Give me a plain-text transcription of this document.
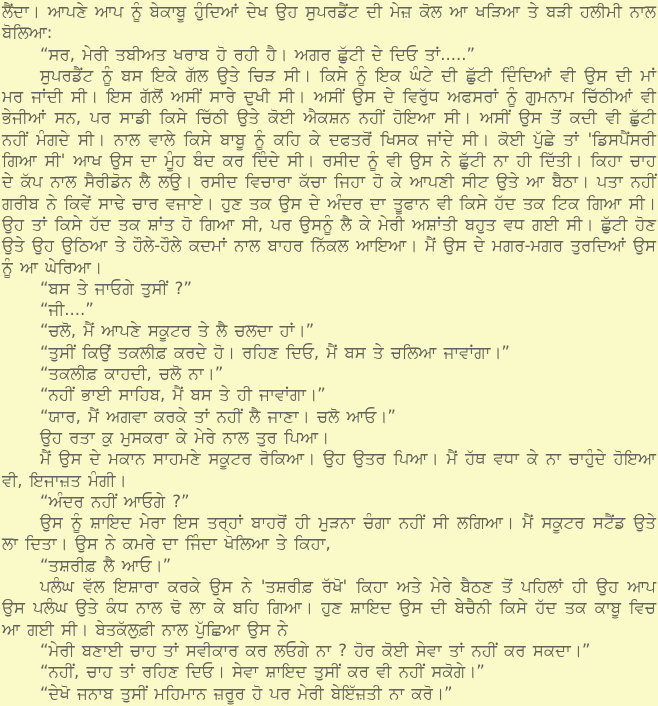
ਲੈਂਦਾ। ਆਪਣੇ ਆਪ ਨੂੰ ਬੇਕਾਬੂ ਹੁੰਦਿਆਂ ਦੇਖ ਉਹ ਸੁਪਰਡੈਂਟ ਦੀ ਮੇਜ਼ ਕੋਲ ਆ ਖੜਿਆ ਤੇ ਬੜੀ ਹਲੀਮੀ ਨਾਲ ਬੋਲਿਆ:

“ਸਰ, ਮੇਰੀ ਤਬੀਅਤ ਖਰਾਬ ਹੋ ਰਹੀ ਹੈ। ਅਗਰ ਛੁੱਟੀ ਦੇ ਦਿਓ ਤਾਂ.....”

ਸੁਪਰਡੈਂਟ ਨੂੰ ਬਸ ਇਕੇ ਗੱਲ ਉਤੇ ਚਿੜ ਸੀ। ਕਿਸੇ ਨੂੰ ਇਕ ਘੰਟੇ ਦੀ ਛੁੱਟੀ ਦਿੰਦਿਆਂ ਵੀ ਉਸ ਦੀ ਮਾਂ ਮਰ ਜਾਂਦੀ ਸੀ। ਇਸ ਗੱਲੋਂ ਅਸੀਂ ਸਾਰੇ ਦੁਖੀ ਸੀ। ਅਸੀਂ ਉਸ ਦੇ ਵਿਰੁੱਧ ਅਫਸਰਾਂ ਨੂੰ ਗੁਮਨਾਮ ਚਿੱਠੀਆਂ ਵੀ ਭੇਜੀਆਂ ਸਨ, ਪਰ ਸਾਡੀ ਕਿਸੇ ਚਿੱਠੀ ਉਤੇ ਕੋਈ ਐਕਸ਼ਨ ਨਹੀਂ ਹੋਇਆ ਸੀ। ਅਸੀਂ ਉਸ ਤੋਂ ਕਦੀ ਵੀ ਛੁੱਟੀ ਨਹੀਂ ਮੰਗਦੇ ਸੀ। ਨਾਲ ਵਾਲੇ ਕਿਸੇ ਬਾਬੂ ਨੂੰ ਕਹਿ ਕੇ ਦਫਤਰੋਂ ਖਿਸਕ ਜਾਂਦੇ ਸੀ। ਕੋਈ ਪੁੱਛੇ ਤਾਂ 'ਡਿਸਪੈਂਸਰੀ ਗਿਆ ਸੀ' ਆਖ ਉਸ ਦਾ ਮੂੰਹ ਬੰਦ ਕਰ ਦਿੰਦੇ ਸੀ। ਰਸੀਦ ਨੂੰ ਵੀ ਉਸ ਨੇ ਛੁੱਟੀ ਨਾ ਹੀ ਦਿੱਤੀ। ਕਿਹਾ ਚਾਹ ਦੇ ਕੱਪ ਨਾਲ ਸੈਰੀਡੋਨ ਲੈ ਲਉ। ਰਸੀਦ ਵਿਚਾਰਾ ਕੱਚਾ ਜਿਹਾ ਹੋ ਕੇ ਆਪਣੀ ਸੀਟ ਉਤੇ ਆ ਬੈਠਾ। ਪਤਾ ਨਹੀਂ ਗਰੀਬ ਨੇ ਕਿਵੇਂ ਸਾਢੇ ਚਾਰ ਵਜਾਏ। ਹੁਣ ਤਕ ਉਸ ਦੇ ਅੰਦਰ ਦਾ ਤੂਫਾਨ ਵੀ ਕਿਸੇ ਹੱਦ ਤਕ ਟਿਕ ਗਿਆ ਸੀ। ਉਹ ਤਾਂ ਕਿਸੇ ਹੱਦ ਤਕ ਸ਼ਾਂਤ ਹੋ ਗਿਆ ਸੀ, ਪਰ ਉਸਨੂੰ ਲੈ ਕੇ ਮੇਰੀ ਅਸ਼ਾਂਤੀ ਬਹੁਤ ਵਧ ਗਈ ਸੀ। ਛੁੱਟੀ ਹੋਣ ਉਤੇ ਉਹ ਉਠਿਆ ਤੇ ਹੌਲੇ-ਹੌਲੇ ਕਦਮਾਂ ਨਾਲ ਬਾਹਰ ਨਿੱਕਲ ਆਇਆ। ਮੈਂ ਉਸ ਦੇ ਮਗਰ-ਮਗਰ ਤੁਰਦਿਆਂ ਉਸ ਨੂੰ ਆ ਘੇਰਿਆ।

“ਬਸ ਤੇ ਜਾਓਗੇ ਤੁਸੀਂ ?”

“ਜੀ....”

“ਚਲੋ, ਮੈਂ ਆਪਣੇ ਸਕੂਟਰ ਤੇ ਲੈ ਚਲਦਾ ਹਾਂ।”

“ਤੁਸੀਂ ਕਿਉਂ ਤਕਲੀਫ਼ ਕਰਦੇ ਹੋ। ਰਹਿਣ ਦਿਓ, ਮੈਂ ਬਸ ਤੇ ਚਲਿਆ ਜਾਵਾਂਗਾ।”

“ਤਕਲੀਫ਼ ਕਾਹਦੀ, ਚਲੋ ਨਾ।”

“ਨਹੀਂ ਭਾਈ ਸਾਹਿਬ, ਮੈਂ ਬਸ ਤੇ ਹੀ ਜਾਵਾਂਗਾ।”

“ਯਾਰ, ਮੈਂ ਅਗਵਾ ਕਰਕੇ ਤਾਂ ਨਹੀਂ ਲੈ ਜਾਣਾ। ਚਲੋ ਆਓ।”

ਉਹ ਰਤਾ ਕੁ ਮੁਸਕਰਾ ਕੇ ਮੇਰੇ ਨਾਲ ਤੁਰ ਪਿਆ।

ਮੈਂ ਉਸ ਦੇ ਮਕਾਨ ਸਾਹਮਣੇ ਸਕੂਟਰ ਰੋਕਿਆ। ਉਹ ਉਤਰ ਪਿਆ। ਮੈਂ ਹੱਥ ਵਧਾ ਕੇ ਨਾ ਚਾਹੁੰਦੇ ਹੋਇਆ ਵੀ, ਇਜਾਜ਼ਤ ਮੰਗੀ।

“ਅੰਦਰ ਨਹੀਂ ਆਓਗੇ ?”

ਉਸ ਨੂੰ ਸ਼ਾਇਦ ਮੇਰਾ ਇਸ ਤਰ੍ਹਾਂ ਬਾਹਰੋਂ ਹੀ ਮੁੜਨਾ ਚੰਗਾ ਨਹੀਂ ਸੀ ਲਗਿਆ। ਮੈਂ ਸਕੂਟਰ ਸਟੈਂਡ ਉਤੇ ਲਾ ਦਿਤਾ। ਉਸ ਨੇ ਕਮਰੇ ਦਾ ਜਿੰਦਾ ਖੋਲਿਆ ਤੇ ਕਿਹਾ,

“ਤਸ਼ਰੀਫ਼ ਲੈ ਆਓ।”

ਪਲੰਘ ਵੱਲ ਇਸ਼ਾਰਾ ਕਰਕੇ ਉਸ ਨੇ 'ਤਸ਼ਰੀਫ਼ ਰੱਖੋ' ਕਿਹਾ ਅਤੇ ਮੇਰੇ ਬੈਠਣ ਤੋਂ ਪਹਿਲਾਂ ਹੀ ਉਹ ਆਪ ਉਸ ਪਲੰਘ ਉਤੇ ਕੰਧ ਨਾਲ ਢੋ ਲਾ ਕੇ ਬਹਿ ਗਿਆ। ਹੁਣ ਸ਼ਾਇਦ ਉਸ ਦੀ ਬੇਚੈਨੀ ਕਿਸੇ ਹੱਦ ਤਕ ਕਾਬੂ ਵਿਚ ਆ ਗਈ ਸੀ। ਬੇਤਕੱਲੁਫ਼ੀ ਨਾਲ ਪੁੱਛਿਆ ਉਸ ਨੇ

“ਮੇਰੀ ਬਣਾਈ ਚਾਹ ਤਾਂ ਸਵੀਕਾਰ ਕਰ ਲਓਗੇ ਨਾ ? ਹੋਰ ਕੋਈ ਸੇਵਾ ਤਾਂ ਨਹੀਂ ਕਰ ਸਕਦਾ।”

“ਨਹੀਂ, ਚਾਹ ਤਾਂ ਰਹਿਣ ਦਿਓ। ਸੇਵਾ ਸ਼ਾਇਦ ਤੁਸੀਂ ਕਰ ਵੀ ਨਹੀਂ ਸਕੋਗੇ।”

“ਦੇਖੋ ਜਨਾਬ ਤੁਸੀਂ ਮਹਿਮਾਨ ਜ਼ਰੂਰ ਹੋ ਪਰ ਮੇਰੀ ਬੇਇੱਜ਼ਤੀ ਨਾ ਕਰੋ।”
